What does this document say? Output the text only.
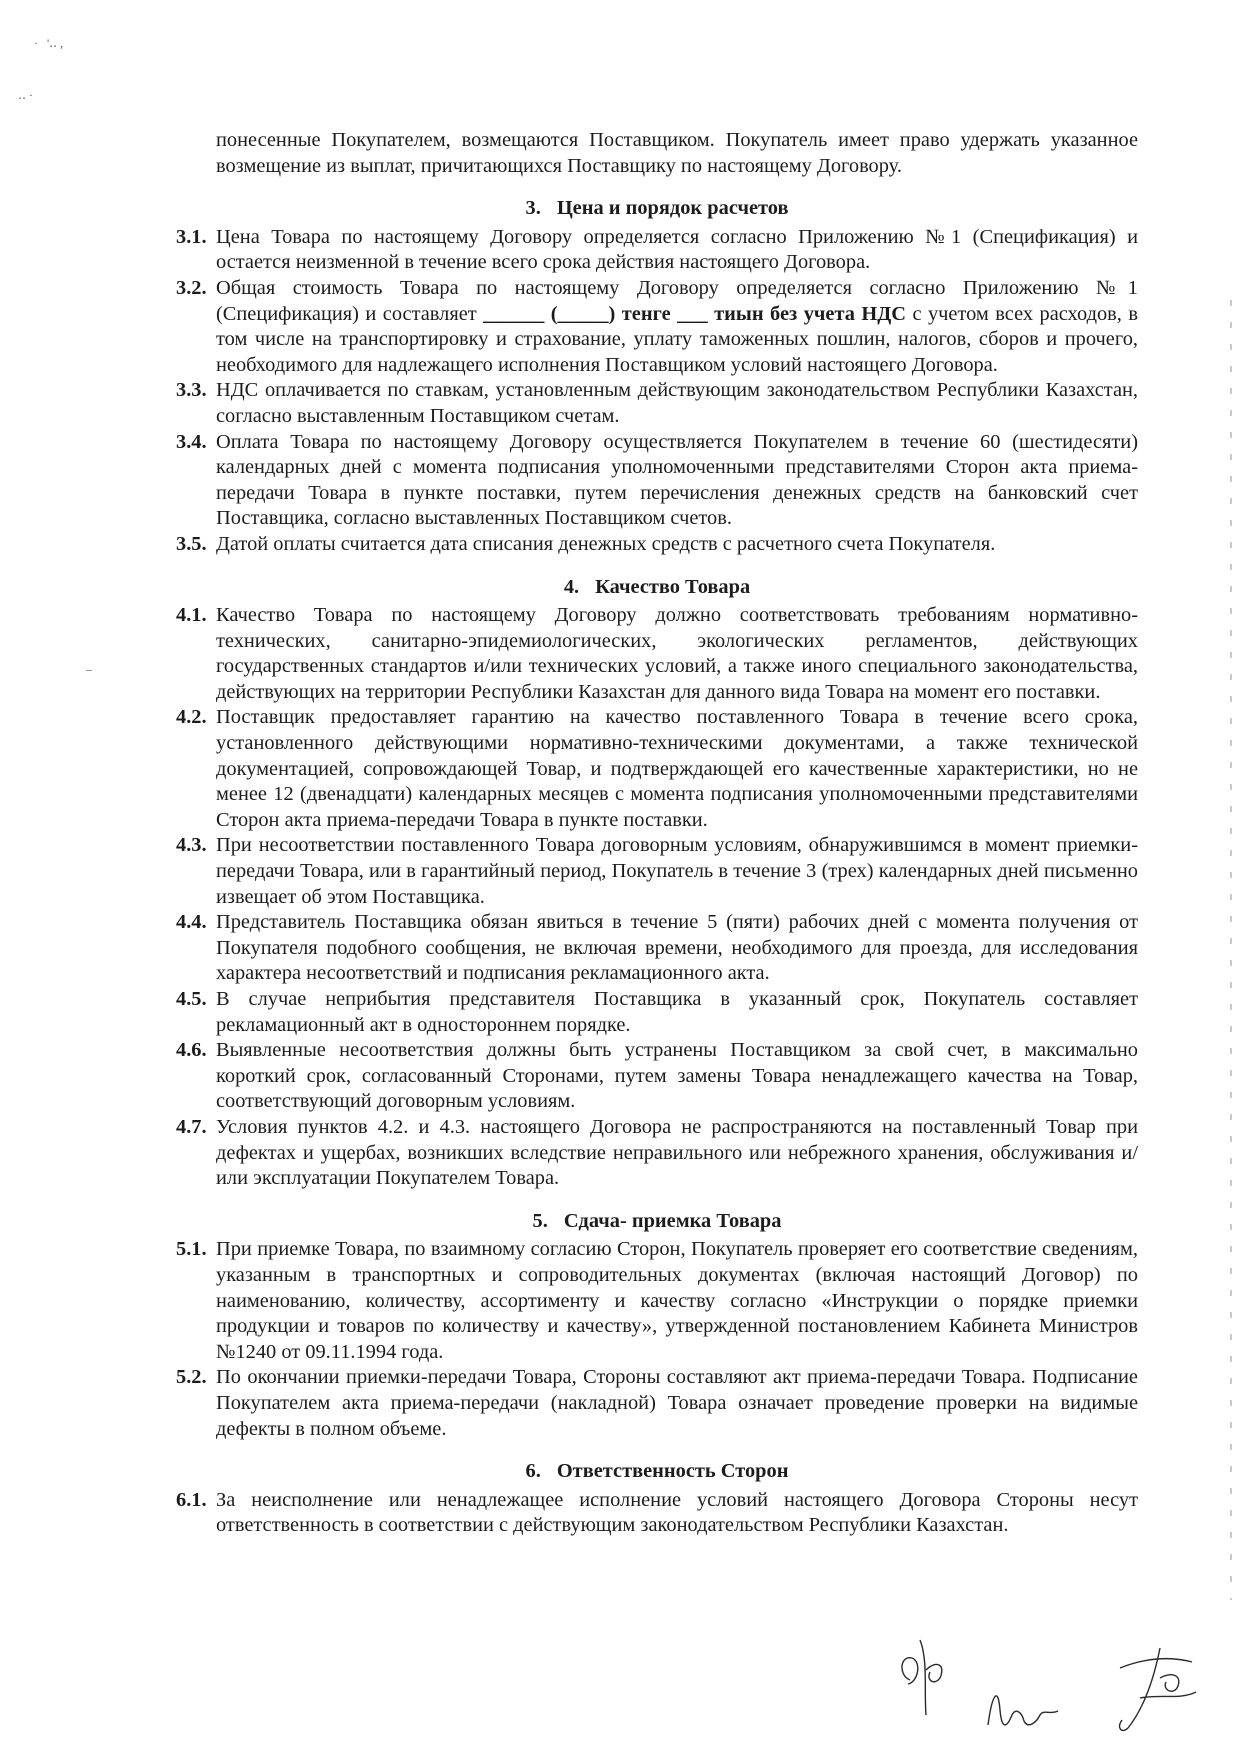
·   '‥ ,
‥ ·
–

понесенные Покупателем, возмещаются Поставщиком. Покупатель имеет право удержать указанное возмещение из выплат, причитающихся Поставщику по настоящему Договору.

3. Цена и порядок расчетов
3.1. Цена Товара по настоящему Договору определяется согласно Приложению №1 (Спецификация) и остается неизменной в течение всего срока действия настоящего Договора.
3.2. Общая стоимость Товара по настоящему Договору определяется согласно Приложению №1 (Спецификация) и составляет ______ (_____) тенге ___ тиын без учета НДС с учетом всех расходов, в том числе на транспортировку и страхование, уплату таможенных пошлин, налогов, сборов и прочего, необходимого для надлежащего исполнения Поставщиком условий настоящего Договора.
3.3. НДС оплачивается по ставкам, установленным действующим законодательством Республики Казахстан, согласно выставленным Поставщиком счетам.
3.4. Оплата Товара по настоящему Договору осуществляется Покупателем в течение 60 (шестидесяти) календарных дней с момента подписания уполномоченными представителями Сторон акта приема-передачи Товара в пункте поставки, путем перечисления денежных средств на банковский счет Поставщика, согласно выставленных Поставщиком счетов.
3.5. Датой оплаты считается дата списания денежных средств с расчетного счета Покупателя.
4. Качество Товара
4.1. Качество Товара по настоящему Договору должно соответствовать требованиям нормативно-технических, санитарно-эпидемиологических, экологических регламентов, действующих государственных стандартов и/или технических условий, а также иного специального законодательства, действующих на территории Республики Казахстан для данного вида Товара на момент его поставки.
4.2. Поставщик предоставляет гарантию на качество поставленного Товара в течение всего срока, установленного действующими нормативно-техническими документами, а также технической документацией, сопровождающей Товар, и подтверждающей его качественные характеристики, но не менее 12 (двенадцати) календарных месяцев с момента подписания уполномоченными представителями Сторон акта приема-передачи Товара в пункте поставки.
4.3. При несоответствии поставленного Товара договорным условиям, обнаружившимся в момент приемки-передачи Товара, или в гарантийный период, Покупатель в течение 3 (трех) календарных дней письменно извещает об этом Поставщика.
4.4. Представитель Поставщика обязан явиться в течение 5 (пяти) рабочих дней с момента получения от Покупателя подобного сообщения, не включая времени, необходимого для проезда, для исследования характера несоответствий и подписания рекламационного акта.
4.5. В случае неприбытия представителя Поставщика в указанный срок, Покупатель составляет рекламационный акт в одностороннем порядке.
4.6. Выявленные несоответствия должны быть устранены Поставщиком за свой счет, в максимально короткий срок, согласованный Сторонами, путем замены Товара ненадлежащего качества на Товар, соответствующий договорным условиям.
4.7. Условия пунктов 4.2. и 4.3. настоящего Договора не распространяются на поставленный Товар при дефектах и ущербах, возникших вследствие неправильного или небрежного хранения, обслуживания и/или эксплуатации Покупателем Товара.
5. Сдача- приемка Товара
5.1. При приемке Товара, по взаимному согласию Сторон, Покупатель проверяет его соответствие сведениям, указанным в транспортных и сопроводительных документах (включая настоящий Договор) по наименованию, количеству, ассортименту и качеству согласно «Инструкции о порядке приемки продукции и товаров по количеству и качеству», утвержденной постановлением Кабинета Министров №1240 от 09.11.1994 года.
5.2. По окончании приемки-передачи Товара, Стороны составляют акт приема-передачи Товара. Подписание Покупателем акта приема-передачи (накладной) Товара означает проведение проверки на видимые дефекты в полном объеме.
6. Ответственность Сторон
6.1. За неисполнение или ненадлежащее исполнение условий настоящего Договора Стороны несут ответственность в соответствии с действующим законодательством Республики Казахстан.
